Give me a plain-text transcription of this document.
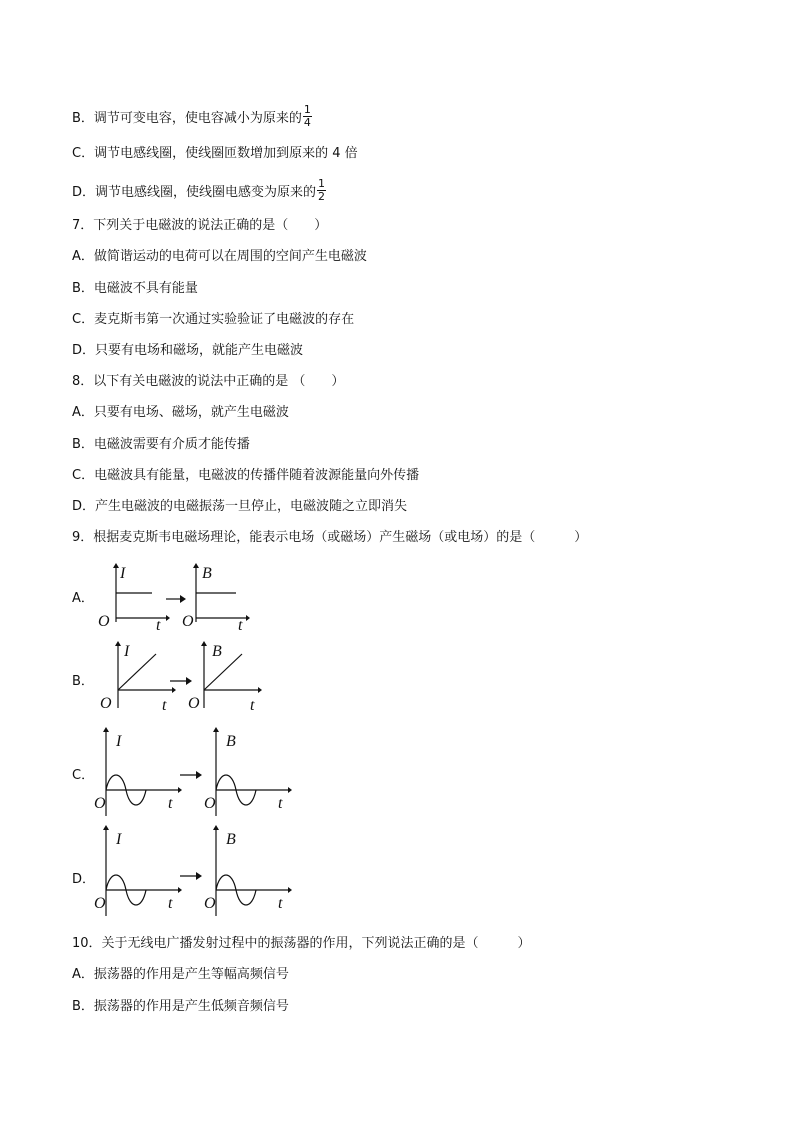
B．调节可变电容，使电容减小为原来的 $\frac{1}{4}$
C．调节电感线圈，使线圈匝数增加到原来的 4 倍
D．调节电感线圈，使线圈电感变为原来的 $\frac{1}{2}$
7．下列关于电磁波的说法正确的是（　　）
A．做简谐运动的电荷可以在周围的空间产生电磁波
B．电磁波不具有能量
C．麦克斯韦第一次通过实验验证了电磁波的存在
D．只要有电场和磁场，就能产生电磁波
8．以下有关电磁波的说法中正确的是 （　　）
A．只要有电场、磁场，就产生电磁波
B．电磁波需要有介质才能传播
C．电磁波具有能量，电磁波的传播伴随着波源能量向外传播
D．产生电磁波的电磁振荡一旦停止，电磁波随之立即消失
9．根据麦克斯韦电磁场理论，能表示电场（或磁场）产生磁场（或电场）的是（　　　）
A．
I
O	t
B
O	t
B．
I
O	t
B
O	t
C．
I
O	t
B
O	t
D．
I
O	t
B
O	t
10．关于无线电广播发射过程中的振荡器的作用，下列说法正确的是（　　　）
A．振荡器的作用是产生等幅高频信号
B．振荡器的作用是产生低频音频信号
